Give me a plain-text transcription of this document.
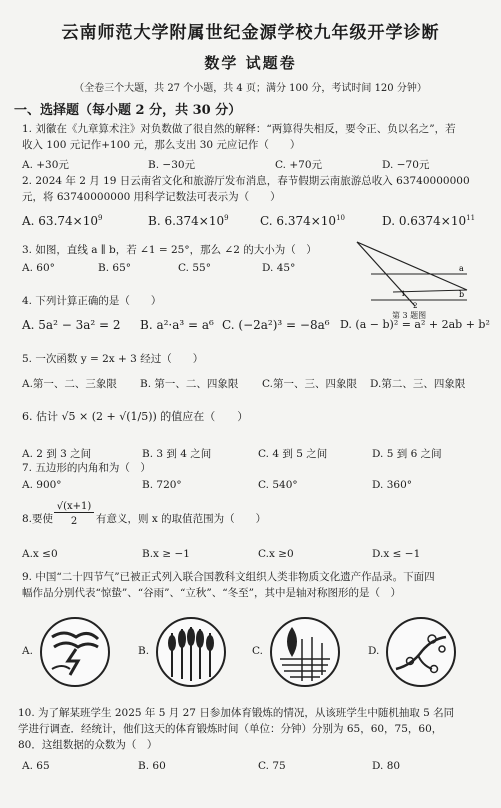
云南师范大学附属世纪金源学校九年级开学诊断
数学 试题卷
（全卷三个大题，共 27 个小题，共 4 页；满分 100 分，考试时间 120 分钟）
一、选择题（每小题 2 分，共 30 分）
1. 刘徽在《九章算术注》对负数做了很自然的解释：“两算得失相反，要令正、负以名之”，若
收入 100 元记作+100 元，那么支出 30 元应记作（　　）
A. +30元	B. −30元	C. +70元	D. −70元
2. 2024 年 2 月 19 日云南省文化和旅游厅发布消息，春节假期云南旅游总收入 63740000000
元，将 63740000000 用科学记数法可表示为（　　）
A. $63.74\times 10^9$	B. $6.374\times 10^9$	C. $6.374\times 10^{10}$	D. $0.6374\times 10^{11}$
3. 如图，直线 a ∥ b，若 ∠1 = 25°，那么 ∠2 的大小为（　）
A. 60°	B. 65°	C. 55°	D. 45°	a
b
1
2
第 3 题图
4. 下列计算正确的是（　　）
A. 5a² − 3a² = 2 B. a²·a³ = a⁶ C. (−2a²)³ = −8a⁶ D. (a − b)² = a² + 2ab + b²
5. 一次函数 y = 2x + 3 经过（　　）
A.第一、二、三象限 B. 第一、二、四象限 C.第一、三、四象限 D.第二、三、四象限
6. 估计 √5 × (2 + √(1/5)) 的值应在（　　）
A. 2 到 3 之间	B. 3 到 4 之间	C. 4 到 5 之间	D. 5 到 6 之间
7. 五边形的内角和为（　）
A. 900°	B. 720°	C. 540°	D. 360°
8.要使
√(x+1)
2	有意义，则 x 的取值范围为（　　）
A.x ≤0	B.x ≥ −1	C.x ≥0	D.x ≤ −1
9. 中国“二十四节气”已被正式列入联合国教科文组织人类非物质文化遗产作品录。下面四
幅作品分别代表“惊蛰”、“谷雨”、“立秋”、“冬至”，其中是轴对称图形的是（　）
A.	B.	C.	D.
10. 为了解某班学生 2025 年 5 月 27 日参加体育锻炼的情况，从该班学生中随机抽取 5 名同
学进行调查．经统计，他们这天的体育锻炼时间（单位：分钟）分别为 65，60，75，60，
80．这组数据的众数为（　）
A. 65	B. 60	C. 75	D. 80
